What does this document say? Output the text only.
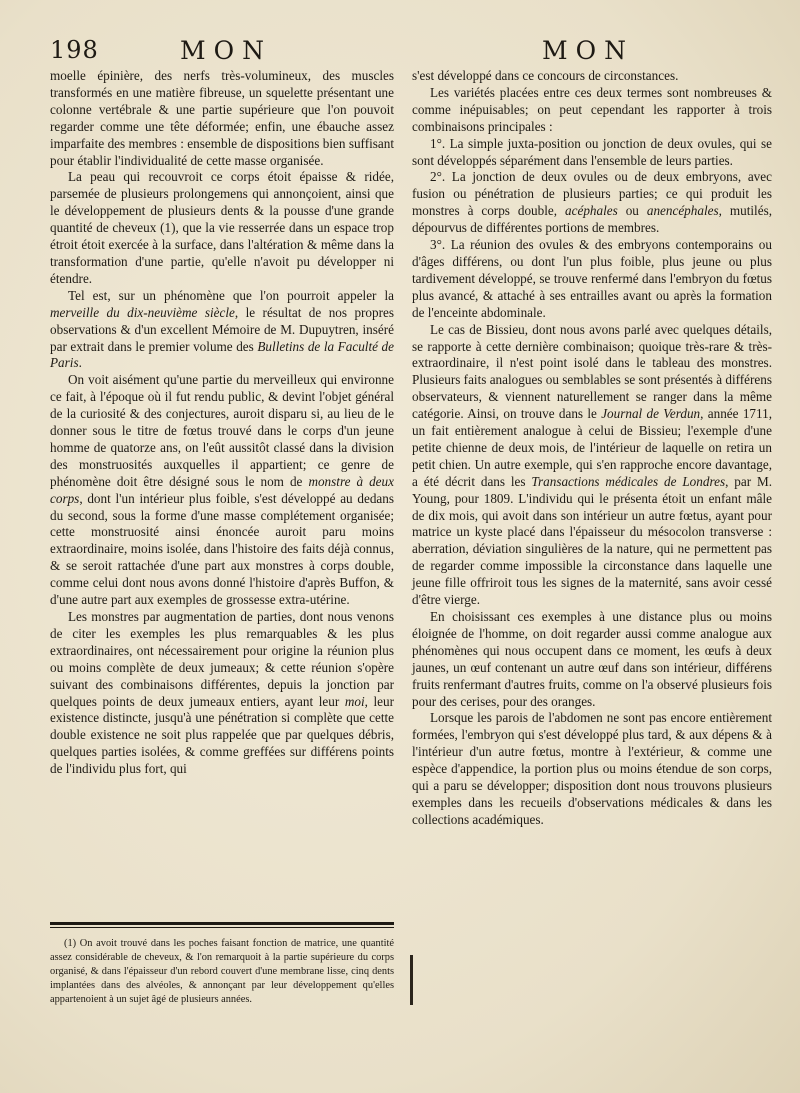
198	MON	MON

moelle épinière, des nerfs très-volumineux, des muscles transformés en une matière fibreuse, un squelette présentant une colonne vertébrale & une partie supérieure que l'on pouvoit regarder comme une tête déformée; enfin, une ébauche assez imparfaite des membres : ensemble de dispositions bien suffisant pour établir l'individualité de cette masse organisée.

La peau qui recouvroit ce corps étoit épaisse & ridée, parsemée de plusieurs prolongemens qui annonçoient, ainsi que le développement de plusieurs dents & la pousse d'une grande quantité de cheveux (1), que la vie resserrée dans un espace trop étroit étoit exercée à la surface, dans l'altération & même dans la transformation d'une partie, qu'elle n'avoit pu développer ni étendre.

Tel est, sur un phénomène que l'on pourroit appeler la merveille du dix-neuvième siècle, le résultat de nos propres observations & d'un excellent Mémoire de M. Dupuytren, inséré par extrait dans le premier volume des Bulletins de la Faculté de Paris.

On voit aisément qu'une partie du merveilleux qui environne ce fait, à l'époque où il fut rendu public, & devint l'objet général de la curiosité & des conjectures, auroit disparu si, au lieu de le donner sous le titre de fœtus trouvé dans le corps d'un jeune homme de quatorze ans, on l'eût aussitôt classé dans la division des monstruosités auxquelles il appartient; ce genre de phénomène doit être désigné sous le nom de monstre à deux corps, dont l'un intérieur plus foible, s'est développé au dedans du second, sous la forme d'une masse complétement organisée; cette monstruosité ainsi énoncée auroit paru moins extraordinaire, moins isolée, dans l'histoire des faits déjà connus, & se seroit rattachée d'une part aux monstres à corps double, comme celui dont nous avons donné l'histoire d'après Buffon, & d'une autre part aux exemples de grossesse extra-utérine.

Les monstres par augmentation de parties, dont nous venons de citer les exemples les plus remarquables & les plus extraordinaires, ont nécessairement pour origine la réunion plus ou moins complète de deux jumeaux; & cette réunion s'opère suivant des combinaisons différentes, depuis la jonction par quelques points de deux jumeaux entiers, ayant leur moi, leur existence distincte, jusqu'à une pénétration si complète que cette double existence ne soit plus rappelée que par quelques débris, quelques parties isolées, & comme greffées sur différens points de l'individu plus fort, qui

(1) On avoit trouvé dans les poches faisant fonction de matrice, une quantité assez considérable de cheveux, & l'on remarquoit à la partie supérieure du corps organisé, & dans l'épaisseur d'un rebord couvert d'une membrane lisse, cinq dents implantées dans des alvéoles, & annonçant par leur développement qu'elles appartenoient à un sujet âgé de plusieurs années.

s'est développé dans ce concours de circonstances.

Les variétés placées entre ces deux termes sont nombreuses & comme inépuisables; on peut cependant les rapporter à trois combinaisons principales :

1°. La simple juxta-position ou jonction de deux ovules, qui se sont développés séparément dans l'ensemble de leurs parties.

2°. La jonction de deux ovules ou de deux embryons, avec fusion ou pénétration de plusieurs parties; ce qui produit les monstres à corps double, acéphales ou anencéphales, mutilés, dépourvus de différentes portions de membres.

3°. La réunion des ovules & des embryons contemporains ou d'âges différens, ou dont l'un plus foible, plus jeune ou plus tardivement développé, se trouve renfermé dans l'embryon du fœtus plus avancé, & attaché à ses entrailles avant ou après la formation de l'enceinte abdominale.

Le cas de Bissieu, dont nous avons parlé avec quelques détails, se rapporte à cette dernière combinaison; quoique très-rare & très-extraordinaire, il n'est point isolé dans le tableau des monstres. Plusieurs faits analogues ou semblables se sont présentés à différens observateurs, & viennent naturellement se ranger dans la même catégorie. Ainsi, on trouve dans le Journal de Verdun, année 1711, un fait entièrement analogue à celui de Bissieu; l'exemple d'une petite chienne de deux mois, de l'intérieur de laquelle on retira un petit chien. Un autre exemple, qui s'en rapproche encore davantage, a été décrit dans les Transactions médicales de Londres, par M. Young, pour 1809. L'individu qui le présenta étoit un enfant mâle de dix mois, qui avoit dans son intérieur un autre fœtus, ayant pour matrice un kyste placé dans l'épaisseur du mésocolon transverse : aberration, déviation singulières de la nature, qui ne permettent pas de regarder comme impossible la circonstance dans laquelle une jeune fille offriroit tous les signes de la maternité, sans avoir cessé d'être vierge.

En choisissant ces exemples à une distance plus ou moins éloignée de l'homme, on doit regarder aussi comme analogue aux phénomènes qui nous occupent dans ce moment, les œufs à deux jaunes, un œuf contenant un autre œuf dans son intérieur, différens fruits renfermant d'autres fruits, comme on l'a observé plusieurs fois pour des cerises, pour des oranges.

Lorsque les parois de l'abdomen ne sont pas encore entièrement formées, l'embryon qui s'est développé plus tard, & aux dépens & à l'intérieur d'un autre fœtus, montre à l'extérieur, & comme une espèce d'appendice, la portion plus ou moins étendue de son corps, qui a paru se développer; disposition dont nous trouvons plusieurs exemples dans les recueils d'observations médicales & dans les collections académiques.
